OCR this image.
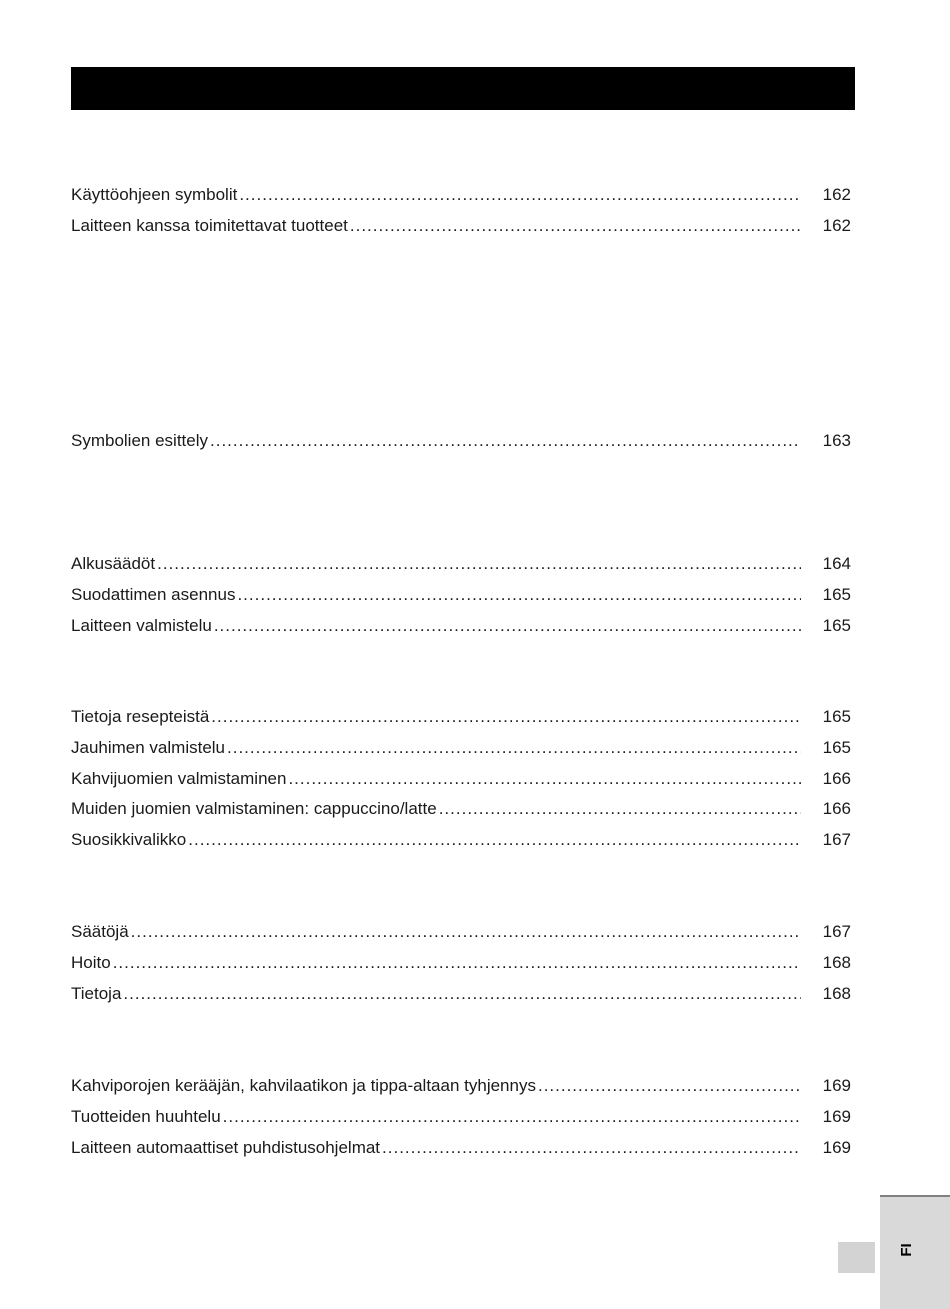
Käyttöohjeen symbolit .....	162
Laitteen kanssa toimitettavat tuotteet .....	162
Symbolien esittely .....	163
Alkusäädöt .....	164
Suodattimen asennus .....	165
Laitteen valmistelu .....	165
Tietoja resepteistä .....	165
Jauhimen valmistelu .....	165
Kahvijuomien valmistaminen .....	166
Muiden juomien valmistaminen: cappuccino/latte .....	166
Suosikkivalikko .....	167
Säätöjä .....	167
Hoito .....	168
Tietoja .....	168
Kahviporojen kerääjän, kahvilaatikon ja tippa-altaan tyhjennys .....	169
Tuotteiden huuhtelu .....	169
Laitteen automaattiset puhdistusohjelmat .....	169
FI
